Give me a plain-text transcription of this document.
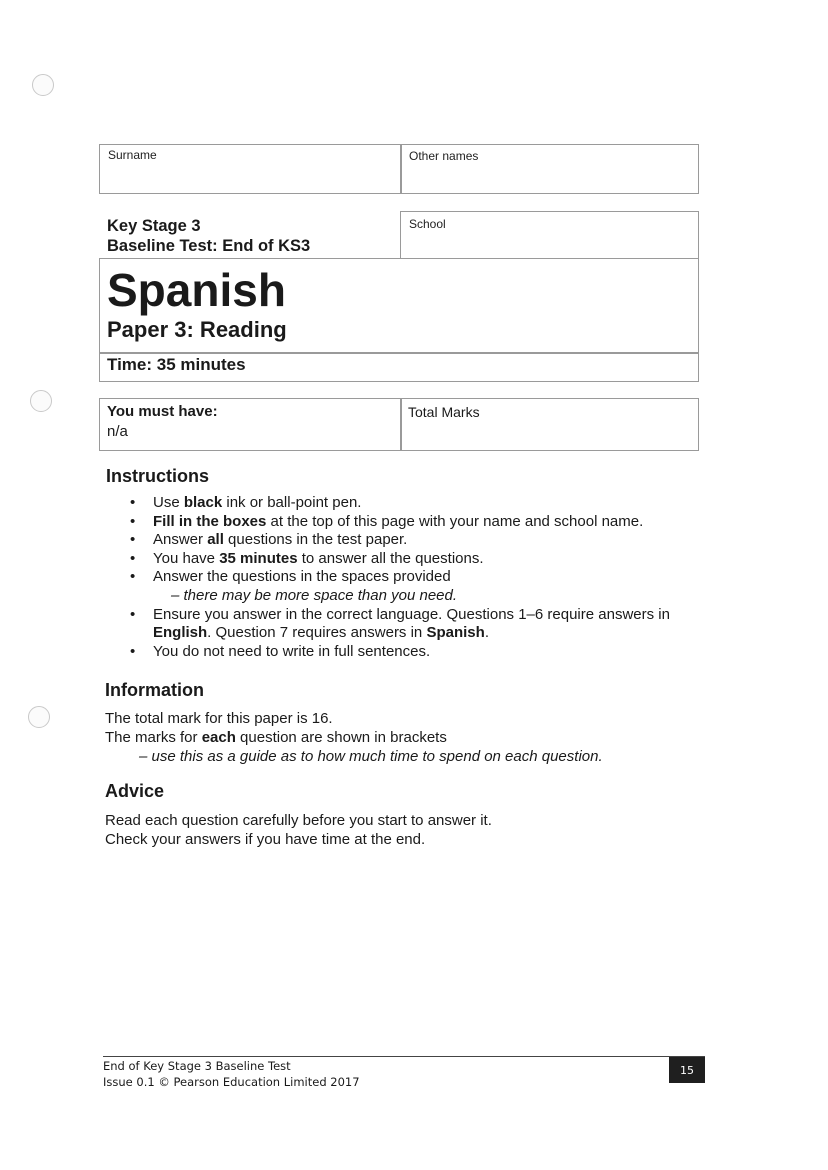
Surname	Other names
School
Key Stage 3
Baseline Test: End of KS3
Spanish
Paper 3: Reading
Time: 35 minutes
You must have:
n/a
Total Marks
Instructions
• Use black ink or ball-point pen.
• Fill in the boxes at the top of this page with your name and school name.
• Answer all questions in the test paper.
• You have 35 minutes to answer all the questions.
• Answer the questions in the spaces provided
– there may be more space than you need.
• Ensure you answer in the correct language. Questions 1–6 require answers in English. Question 7 requires answers in Spanish.
• You do not need to write in full sentences.
Information
The total mark for this paper is 16.
The marks for each question are shown in brackets
– use this as a guide as to how much time to spend on each question.
Advice
Read each question carefully before you start to answer it.
Check your answers if you have time at the end.
End of Key Stage 3 Baseline Test
Issue 0.1 © Pearson Education Limited 2017
15
